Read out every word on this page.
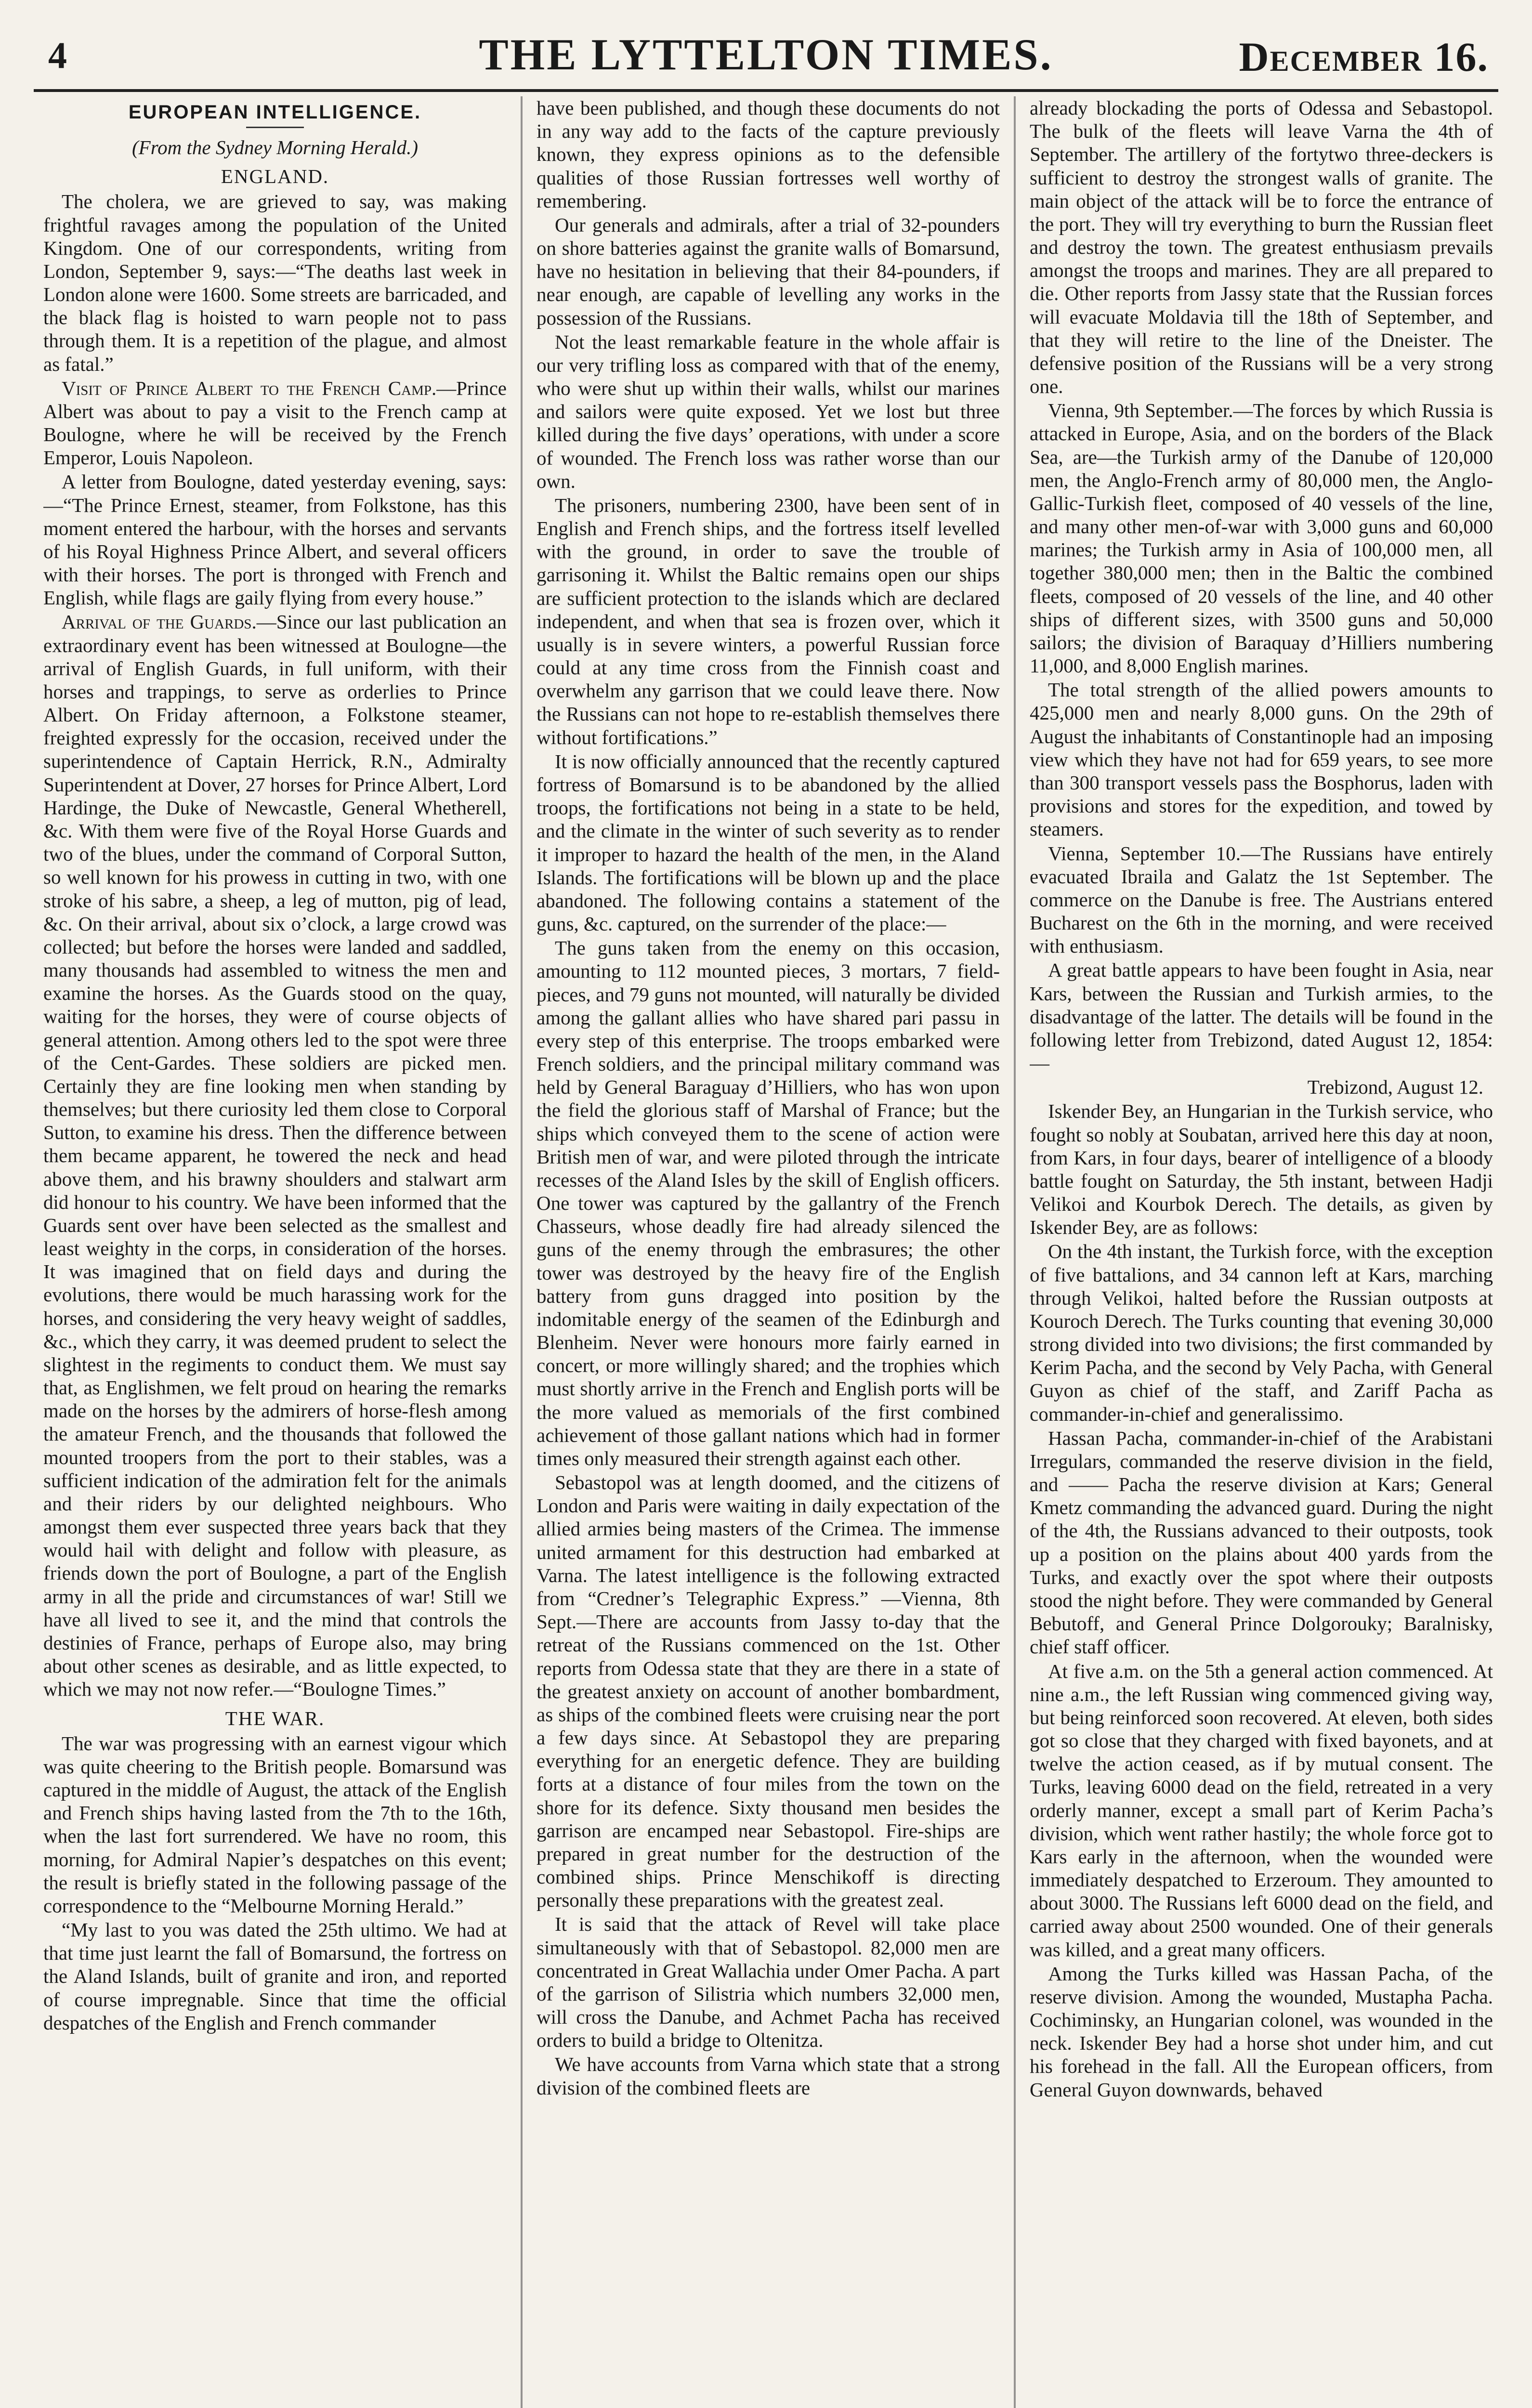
4	THE LYTTELTON TIMES.	December 16.
EUROPEAN INTELLIGENCE.
(From the Sydney Morning Herald.)
ENGLAND.

The cholera, we are grieved to say, was making frightful ravages among the population of the United Kingdom. One of our correspondents, writing from London, September 9, says:—“The deaths last week in London alone were 1600. Some streets are barricaded, and the black flag is hoisted to warn people not to pass through them. It is a repetition of the plague, and almost as fatal.”

Visit of Prince Albert to the French Camp.—Prince Albert was about to pay a visit to the French camp at Boulogne, where he will be received by the French Emperor, Louis Napoleon.

A letter from Boulogne, dated yesterday evening, says:—“The Prince Ernest, steamer, from Folkstone, has this moment entered the harbour, with the horses and servants of his Royal Highness Prince Albert, and several officers with their horses. The port is thronged with French and English, while flags are gaily flying from every house.”

Arrival of the Guards.—Since our last publication an extraordinary event has been witnessed at Boulogne—the arrival of English Guards, in full uniform, with their horses and trappings, to serve as orderlies to Prince Albert. On Friday afternoon, a Folkstone steamer, freighted expressly for the occasion, received under the superintendence of Captain Herrick, R.N., Admiralty Superintendent at Dover, 27 horses for Prince Albert, Lord Hardinge, the Duke of Newcastle, General Whetherell, &c. With them were five of the Royal Horse Guards and two of the blues, under the command of Corporal Sutton, so well known for his prowess in cutting in two, with one stroke of his sabre, a sheep, a leg of mutton, pig of lead, &c. On their arrival, about six o’clock, a large crowd was collected; but before the horses were landed and saddled, many thousands had assembled to witness the men and examine the horses. As the Guards stood on the quay, waiting for the horses, they were of course objects of general attention. Among others led to the spot were three of the Cent-Gardes. These soldiers are picked men. Certainly they are fine looking men when standing by themselves; but there curiosity led them close to Corporal Sutton, to examine his dress. Then the difference between them became apparent, he towered the neck and head above them, and his brawny shoulders and stalwart arm did honour to his country. We have been informed that the Guards sent over have been selected as the smallest and least weighty in the corps, in consideration of the horses. It was imagined that on field days and during the evolutions, there would be much harassing work for the horses, and considering the very heavy weight of saddles, &c., which they carry, it was deemed prudent to select the slightest in the regiments to conduct them. We must say that, as Englishmen, we felt proud on hearing the remarks made on the horses by the admirers of horse-flesh among the amateur French, and the thousands that followed the mounted troopers from the port to their stables, was a sufficient indication of the admiration felt for the animals and their riders by our delighted neighbours. Who amongst them ever suspected three years back that they would hail with delight and follow with pleasure, as friends down the port of Boulogne, a part of the English army in all the pride and circumstances of war! Still we have all lived to see it, and the mind that controls the destinies of France, perhaps of Europe also, may bring about other scenes as desirable, and as little expected, to which we may not now refer.—“Boulogne Times.”

THE WAR.

The war was progressing with an earnest vigour which was quite cheering to the British people. Bomarsund was captured in the middle of August, the attack of the English and French ships having lasted from the 7th to the 16th, when the last fort surrendered. We have no room, this morning, for Admiral Napier’s despatches on this event; the result is briefly stated in the following passage of the correspondence to the “Melbourne Morning Herald.”

“My last to you was dated the 25th ultimo. We had at that time just learnt the fall of Bomarsund, the fortress on the Aland Islands, built of granite and iron, and reported of course impregnable. Since that time the official despatches of the English and French commander

have been published, and though these documents do not in any way add to the facts of the capture previously known, they express opinions as to the defensible qualities of those Russian fortresses well worthy of remembering.

Our generals and admirals, after a trial of 32-pounders on shore batteries against the granite walls of Bomarsund, have no hesitation in believing that their 84-pounders, if near enough, are capable of levelling any works in the possession of the Russians.

Not the least remarkable feature in the whole affair is our very trifling loss as compared with that of the enemy, who were shut up within their walls, whilst our marines and sailors were quite exposed. Yet we lost but three killed during the five days’ operations, with under a score of wounded. The French loss was rather worse than our own.

The prisoners, numbering 2300, have been sent of in English and French ships, and the fortress itself levelled with the ground, in order to save the trouble of garrisoning it. Whilst the Baltic remains open our ships are sufficient protection to the islands which are declared independent, and when that sea is frozen over, which it usually is in severe winters, a powerful Russian force could at any time cross from the Finnish coast and overwhelm any garrison that we could leave there. Now the Russians can not hope to re-establish themselves there without fortifications.”

It is now officially announced that the recently captured fortress of Bomarsund is to be abandoned by the allied troops, the fortifications not being in a state to be held, and the climate in the winter of such severity as to render it improper to hazard the health of the men, in the Aland Islands. The fortifications will be blown up and the place abandoned. The following contains a statement of the guns, &c. captured, on the surrender of the place:—

The guns taken from the enemy on this occasion, amounting to 112 mounted pieces, 3 mortars, 7 field-pieces, and 79 guns not mounted, will naturally be divided among the gallant allies who have shared pari passu in every step of this enterprise. The troops embarked were French soldiers, and the principal military command was held by General Baraguay d’Hilliers, who has won upon the field the glorious staff of Marshal of France; but the ships which conveyed them to the scene of action were British men of war, and were piloted through the intricate recesses of the Aland Isles by the skill of English officers. One tower was captured by the gallantry of the French Chasseurs, whose deadly fire had already silenced the guns of the enemy through the embrasures; the other tower was destroyed by the heavy fire of the English battery from guns dragged into position by the indomitable energy of the seamen of the Edinburgh and Blenheim. Never were honours more fairly earned in concert, or more willingly shared; and the trophies which must shortly arrive in the French and English ports will be the more valued as memorials of the first combined achievement of those gallant nations which had in former times only measured their strength against each other.

Sebastopol was at length doomed, and the citizens of London and Paris were waiting in daily expectation of the allied armies being masters of the Crimea. The immense united armament for this destruction had embarked at Varna. The latest intelligence is the following extracted from “Credner’s Telegraphic Express.” —Vienna, 8th Sept.—There are accounts from Jassy to-day that the retreat of the Russians commenced on the 1st. Other reports from Odessa state that they are there in a state of the greatest anxiety on account of another bombardment, as ships of the combined fleets were cruising near the port a few days since. At Sebastopol they are preparing everything for an energetic defence. They are building forts at a distance of four miles from the town on the shore for its defence. Sixty thousand men besides the garrison are encamped near Sebastopol. Fire-ships are prepared in great number for the destruction of the combined ships. Prince Menschikoff is directing personally these preparations with the greatest zeal.

It is said that the attack of Revel will take place simultaneously with that of Sebastopol. 82,000 men are concentrated in Great Wallachia under Omer Pacha. A part of the garrison of Silistria which numbers 32,000 men, will cross the Danube, and Achmet Pacha has received orders to build a bridge to Oltenitza.

We have accounts from Varna which state that a strong division of the combined fleets are

already blockading the ports of Odessa and Sebastopol. The bulk of the fleets will leave Varna the 4th of September. The artillery of the fortytwo three-deckers is sufficient to destroy the strongest walls of granite. The main object of the attack will be to force the entrance of the port. They will try everything to burn the Russian fleet and destroy the town. The greatest enthusiasm prevails amongst the troops and marines. They are all prepared to die. Other reports from Jassy state that the Russian forces will evacuate Moldavia till the 18th of September, and that they will retire to the line of the Dneister. The defensive position of the Russians will be a very strong one.

Vienna, 9th September.—The forces by which Russia is attacked in Europe, Asia, and on the borders of the Black Sea, are—the Turkish army of the Danube of 120,000 men, the Anglo-French army of 80,000 men, the Anglo-Gallic-Turkish fleet, composed of 40 vessels of the line, and many other men-of-war with 3,000 guns and 60,000 marines; the Turkish army in Asia of 100,000 men, all together 380,000 men; then in the Baltic the combined fleets, composed of 20 vessels of the line, and 40 other ships of different sizes, with 3500 guns and 50,000 sailors; the division of Baraquay d’Hilliers numbering 11,000, and 8,000 English marines.

The total strength of the allied powers amounts to 425,000 men and nearly 8,000 guns. On the 29th of August the inhabitants of Constantinople had an imposing view which they have not had for 659 years, to see more than 300 transport vessels pass the Bosphorus, laden with provisions and stores for the expedition, and towed by steamers.

Vienna, September 10.—The Russians have entirely evacuated Ibraila and Galatz the 1st September. The commerce on the Danube is free. The Austrians entered Bucharest on the 6th in the morning, and were received with enthusiasm.

A great battle appears to have been fought in Asia, near Kars, between the Russian and Turkish armies, to the disadvantage of the latter. The details will be found in the following letter from Trebizond, dated August 12, 1854:—

Trebizond, August 12.

Iskender Bey, an Hungarian in the Turkish service, who fought so nobly at Soubatan, arrived here this day at noon, from Kars, in four days, bearer of intelligence of a bloody battle fought on Saturday, the 5th instant, between Hadji Velikoi and Kourbok Derech. The details, as given by Iskender Bey, are as follows:

On the 4th instant, the Turkish force, with the exception of five battalions, and 34 cannon left at Kars, marching through Velikoi, halted before the Russian outposts at Kouroch Derech. The Turks counting that evening 30,000 strong divided into two divisions; the first commanded by Kerim Pacha, and the second by Vely Pacha, with General Guyon as chief of the staff, and Zariff Pacha as commander-in-chief and generalissimo.

Hassan Pacha, commander-in-chief of the Arabistani Irregulars, commanded the reserve division in the field, and —— Pacha the reserve division at Kars; General Kmetz commanding the advanced guard. During the night of the 4th, the Russians advanced to their outposts, took up a position on the plains about 400 yards from the Turks, and exactly over the spot where their outposts stood the night before. They were commanded by General Bebutoff, and General Prince Dolgorouky; Baralnisky, chief staff officer.

At five a.m. on the 5th a general action commenced. At nine a.m., the left Russian wing commenced giving way, but being reinforced soon recovered. At eleven, both sides got so close that they charged with fixed bayonets, and at twelve the action ceased, as if by mutual consent. The Turks, leaving 6000 dead on the field, retreated in a very orderly manner, except a small part of Kerim Pacha’s division, which went rather hastily; the whole force got to Kars early in the afternoon, when the wounded were immediately despatched to Erzeroum. They amounted to about 3000. The Russians left 6000 dead on the field, and carried away about 2500 wounded. One of their generals was killed, and a great many officers.

Among the Turks killed was Hassan Pacha, of the reserve division. Among the wounded, Mustapha Pacha. Cochiminsky, an Hungarian colonel, was wounded in the neck. Iskender Bey had a horse shot under him, and cut his forehead in the fall. All the European officers, from General Guyon downwards, behaved
